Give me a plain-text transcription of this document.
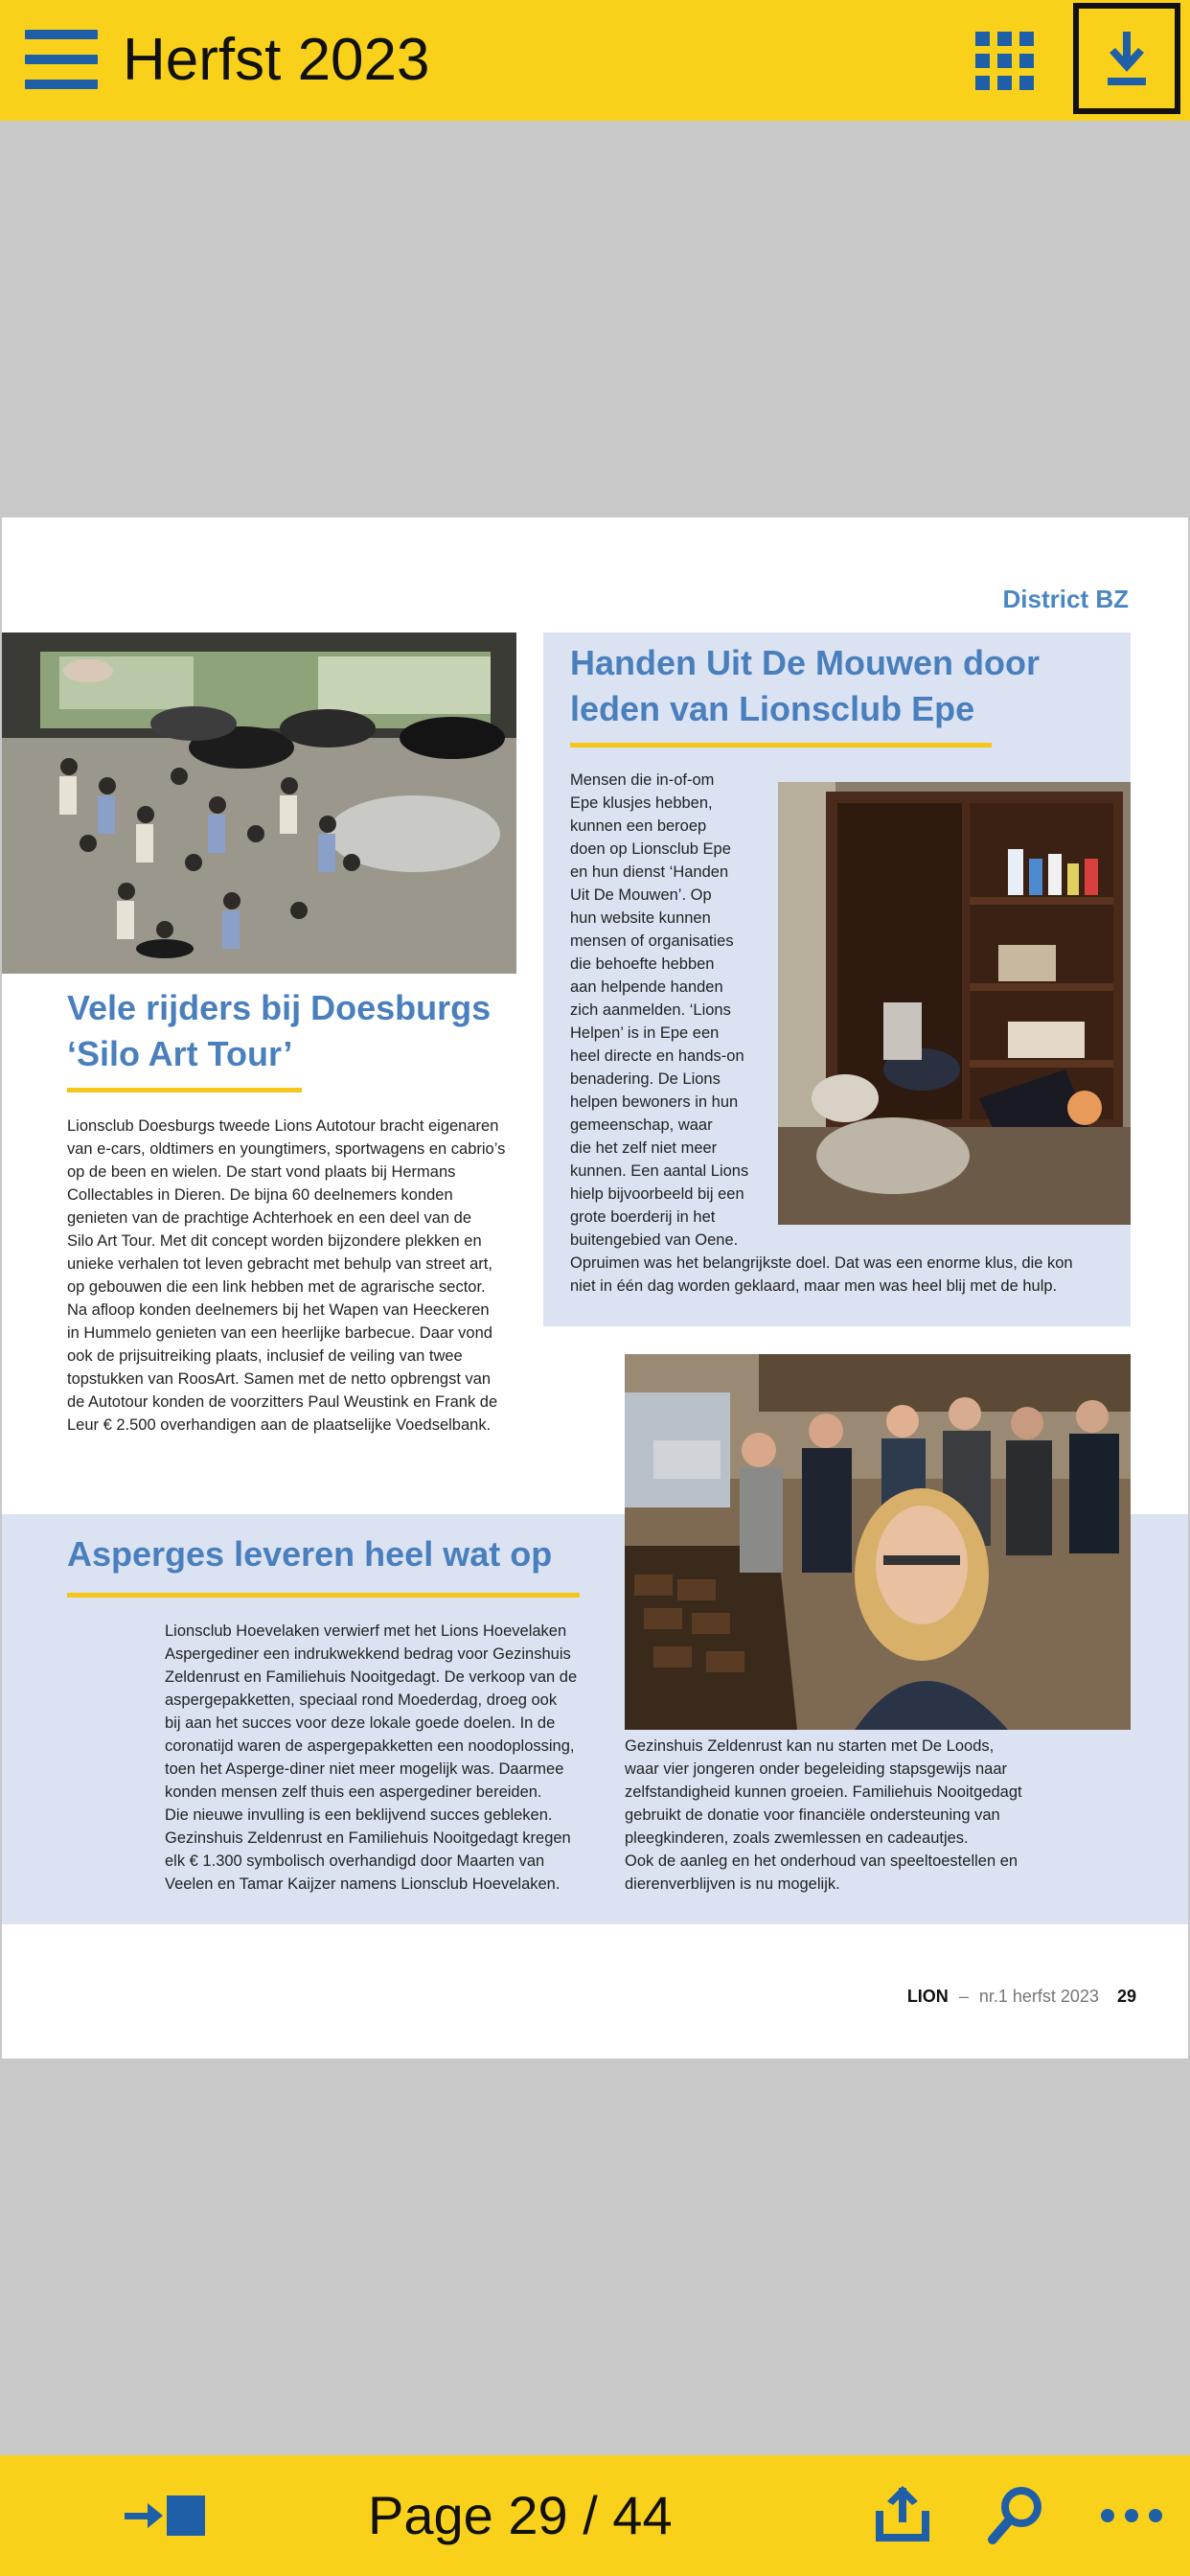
Herfst 2023
District BZ
Vele rijders bij Doesburgs
‘Silo Art Tour’
Lionsclub Doesburgs tweede Lions Autotour bracht eigenaren
van e-cars, oldtimers en youngtimers, sportwagens en cabrio’s
op de been en wielen. De start vond plaats bij Hermans
Collectables in Dieren. De bijna 60 deelnemers konden
genieten van de prachtige Achterhoek en een deel van de
Silo Art Tour. Met dit concept worden bijzondere plekken en
unieke verhalen tot leven gebracht met behulp van street art,
op gebouwen die een link hebben met de agrarische sector.
Na afloop konden deelnemers bij het Wapen van Heeckeren
in Hummelo genieten van een heerlijke barbecue. Daar vond
ook de prijsuitreiking plaats, inclusief de veiling van twee
topstukken van RoosArt. Samen met de netto opbrengst van
de Autotour konden de voorzitters Paul Weustink en Frank de
Leur € 2.500 overhandigen aan de plaatselijke Voedselbank.
Handen Uit De Mouwen door
leden van Lionsclub Epe
Mensen die in-of-om
Epe klusjes hebben,
kunnen een beroep
doen op Lionsclub Epe
en hun dienst ‘Handen
Uit De Mouwen’. Op
hun website kunnen
mensen of organisaties
die behoefte hebben
aan helpende handen
zich aanmelden. ‘Lions
Helpen’ is in Epe een
heel directe en hands-on
benadering. De Lions
helpen bewoners in hun
gemeenschap, waar
die het zelf niet meer
kunnen. Een aantal Lions
hielp bijvoorbeeld bij een
grote boerderij in het
buitengebied van Oene.
Opruimen was het belangrijkste doel. Dat was een enorme klus, die kon
niet in één dag worden geklaard, maar men was heel blij met de hulp.
Asperges leveren heel wat op
Lionsclub Hoevelaken verwierf met het Lions Hoevelaken
Aspergediner een indrukwekkend bedrag voor Gezinshuis
Zeldenrust en Familiehuis Nooitgedagt. De verkoop van de
aspergepakketten, speciaal rond Moederdag, droeg ook
bij aan het succes voor deze lokale goede doelen. In de
coronatijd waren de aspergepakketten een noodoplossing,
toen het Asperge-diner niet meer mogelijk was. Daarmee
konden mensen zelf thuis een aspergediner bereiden.
Die nieuwe invulling is een beklijvend succes gebleken.
Gezinshuis Zeldenrust en Familiehuis Nooitgedagt kregen
elk € 1.300 symbolisch overhandigd door Maarten van
Veelen en Tamar Kaijzer namens Lionsclub Hoevelaken.
Gezinshuis Zeldenrust kan nu starten met De Loods,
waar vier jongeren onder begeleiding stapsgewijs naar
zelfstandigheid kunnen groeien. Familiehuis Nooitgedagt
gebruikt de donatie voor financiële ondersteuning van
pleegkinderen, zoals zwemlessen en cadeautjes.
Ook de aanleg en het onderhoud van speeltoestellen en
dierenverblijven is nu mogelijk.
LION – nr.1 herfst 2023 29
Page 29 / 44
